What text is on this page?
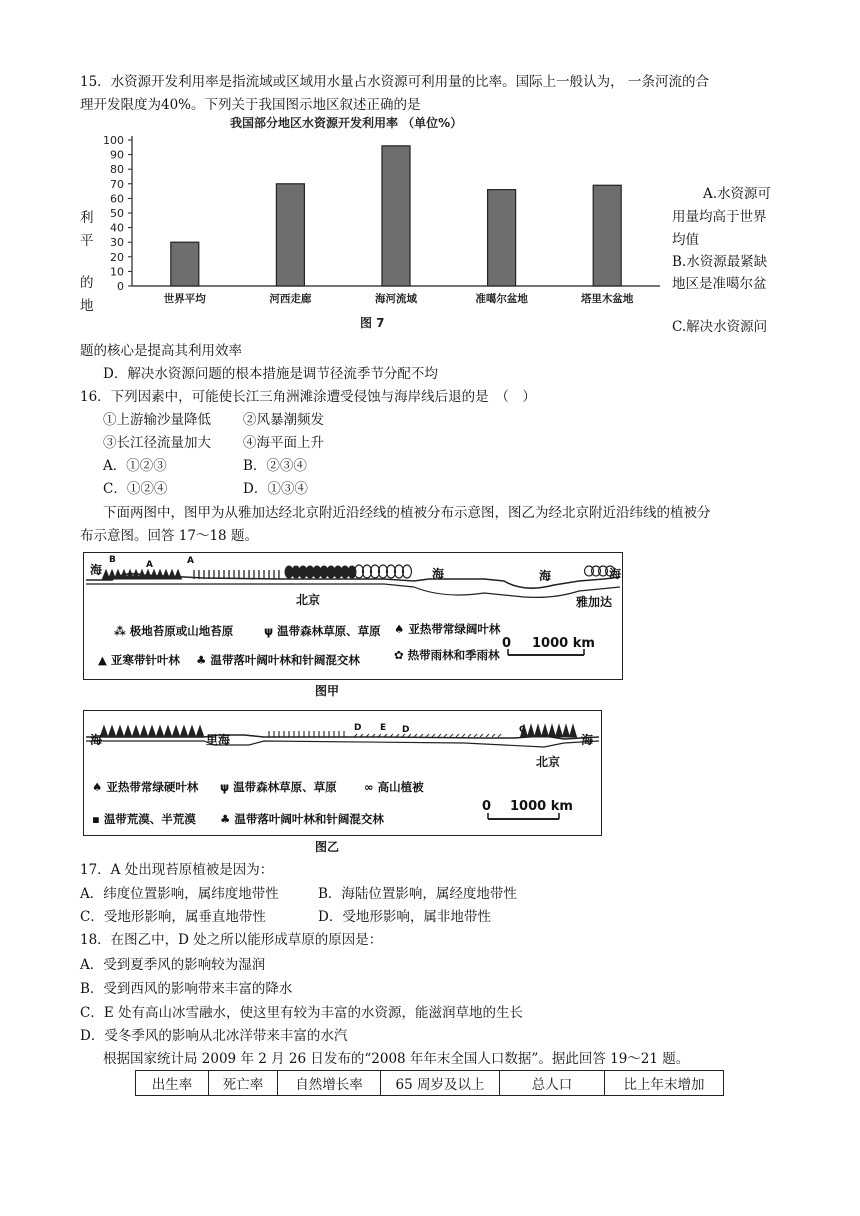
15．水资源开发利用率是指流域或区域用水量占水资源可利用量的比率。国际上一般认为， 一条河流的合
理开发限度为40%。下列关于我国图示地区叙述正确的是
我国部分地区水资源开发利用率 （单位%）
0
10
20
30
40
50
60
70
80
90
100
世界平均	河西走廊	海河流域	准噶尔盆地	塔里木盆地
图 7
利
平
的
地
A.水资源可
用量均高于世界
均值
B.水资源最紧缺
地区是准噶尔盆
C.解决水资源问
题的核心是提高其利用效率
D．解决水资源问题的根本措施是调节径流季节分配不均
16．下列因素中，可能使长江三角洲滩涂遭受侵蚀与海岸线后退的是　（　）
①上游输沙量降低 ②风暴潮频发
③长江径流量加大 ④海平面上升
A．①②③	B．②③④
C．①②④	D．①③④
下面两图中，图甲为从雅加达经北京附近沿经线的植被分布示意图，图乙为经北京附近沿纬线的植被分
布示意图。回答 17～18 题。
海
B	A	A
海	海	海
北京	雅加达
⁂ 极地苔原或山地苔原	ψ 温带森林草原、草原 ♠ 亚热带常绿阔叶林
▲ 亚寒带针叶林 ♣ 温带落叶阔叶林和针阔混交林	✿ 热带雨林和季雨林
0 1000 km
图甲
海	里海	海
D E D	C
北京
♠ 亚热带常绿硬叶林 ψ 温带森林草原、草原 ∞ 高山植被
▪ 温带荒漠、半荒漠 ♣ 温带落叶阔叶林和针阔混交林
0 1000 km
图乙
17．A 处出现苔原植被是因为：
A．纬度位置影响，属纬度地带性	B．海陆位置影响，属经度地带性
C．受地形影响，属垂直地带性	D．受地形影响，属非地带性
18．在图乙中，D 处之所以能形成草原的原因是：
A．受到夏季风的影响较为湿润
B．受到西风的影响带来丰富的降水
C．E 处有高山冰雪融水，使这里有较为丰富的水资源，能滋润草地的生长
D．受冬季风的影响从北冰洋带来丰富的水汽
根据国家统计局 2009 年 2 月 26 日发布的“2008 年年末全国人口数据”。据此回答 19～21 题。
出生率	死亡率	自然增长率	65 周岁及以上	总人口	比上年末增加
